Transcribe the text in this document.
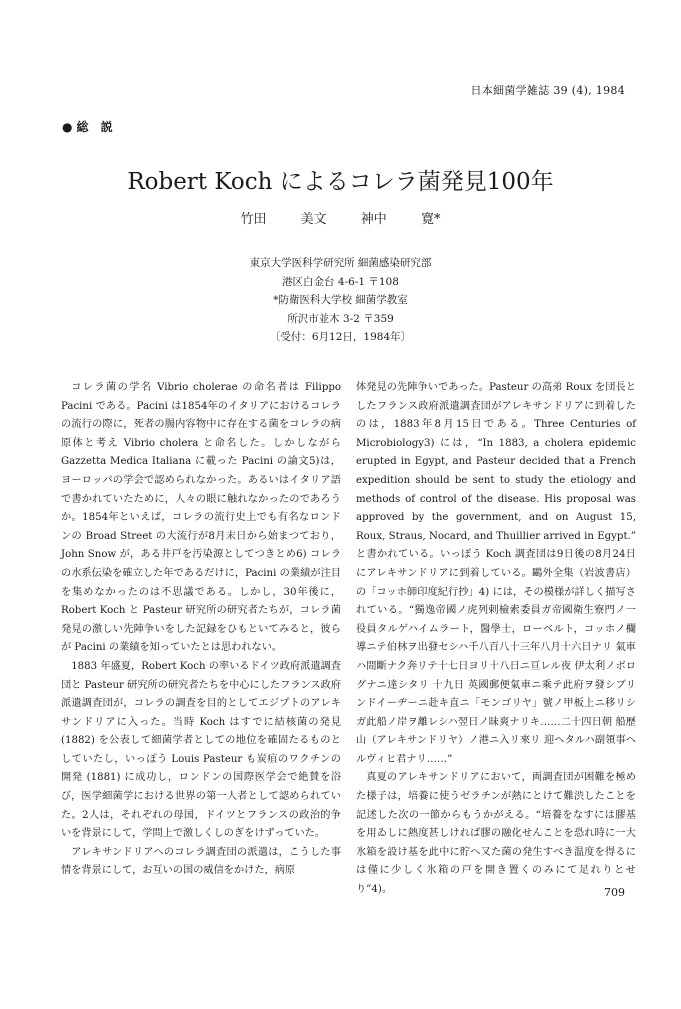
日本細菌学雑誌 39 (4), 1984
●総 説
Robert Koch によるコレラ菌発見100年
竹田 美文 神中 寛*
東京大学医科学研究所 細菌感染研究部
港区白金台 4-6-1 〒108
*防衛医科大学校 細菌学教室
所沢市並木 3-2 〒359
〔受付：6月12日，1984年〕

コレラ菌の学名 Vibrio cholerae の命名者は Filippo Pacini である。Pacini は1854年のイタリアにおけるコレラの流行の際に，死者の腸内容物中に存在する菌をコレラの病原体と考え Vibrio cholera と命名した。しかしながら Gazzetta Medica Italiana に載った Pacini の論文5)は，ヨーロッパの学会で認められなかった。あるいはイタリア語で書かれていたために，人々の眼に触れなかったのであろうか。1854年といえば，コレラの流行史上でも有名なロンドンの Broad Street の大流行が8月末日から始まつており，John Snow が，ある井戸を汚染源としてつきとめ6) コレラの水系伝染を確立した年であるだけに，Pacini の業績が注目を集めなかったのは不思議である。しかし，30年後に，Robert Koch と Pasteur 研究所の研究者たちが，コレラ菌発見の激しい先陣争いをした記録をひもといてみると，彼らが Pacini の業績を知っていたとは思われない。

1883 年盛夏，Robert Koch の率いるドイツ政府派遣調査団と Pasteur 研究所の研究者たちを中心にしたフランス政府派遣調査団が，コレラの調査を目的としてエジプトのアレキサンドリアに入った。当時 Koch はすでに結核菌の発見 (1882) を公表して細菌学者としての地位を確固たるものとしていたし，いっぽう Louis Pasteur も炭疽のワクチンの開発 (1881) に成功し，ロンドンの国際医学会で絶賛を浴び，医学細菌学における世界の第一人者として認められていた。2人は，それぞれの母国，ドイツとフランスの政治的争いを背景にして，学問上で激しくしのぎをけずっていた。

アレキサンドリアへのコレラ調査団の派遣は，こうした事情を背景にして，お互いの国の威信をかけた，病原

体発見の先陣争いであった。Pasteur の高弟 Roux を団長としたフランス政府派遣調査団がアレキサンドリアに到着したのは，1883年8月15日である。Three Centuries of Microbiology3) には，“In 1883, a cholera epidemic erupted in Egypt, and Pasteur decided that a French expedition should be sent to study the etiology and methods of control of the disease. His proposal was approved by the government, and on August 15, Roux, Straus, Nocard, and Thuillier arrived in Egypt.” と書かれている。いっぽう Koch 調査団は9日後の8月24日にアレキサンドリアに到着している。鷗外全集（岩波書店）の「コッホ師印度紀行抄」4) には，その模様が詳しく描写されている。“獨逸帝國ノ虎列剌檢索委員ガ帝國衛生寮門ノ一役員タルゲハイムラート，醫學士，ローベルト，コッホノ欄導ニテ伯林ヲ出發セシハ千八百八十三年八月十六日ナリ 氣車ハ間斷ナク奔リテ十七日ヨリ十八日ニ亘レル夜 伊太利ノボログナニ達シタリ 十九日 英國郵便氣車ニ乘テ此府ヲ發シブリンドイーヂーニ赴キ直ニ「モンゴリヤ」號ノ甲板上ニ移リシガ此船ノ岸ヲ離レシハ翌日ノ昧爽ナリキ……二十四日朝 船歷山（アレキサンドリヤ）ノ港ニ入リ來リ 迎ヘタルハ副領事ヘルヴィヒ君ナリ……”

真夏のアレキサンドリアにおいて，両調査団が困難を極めた様子は，培養に使うゼラチンが熱にとけて難渋したことを記述した次の一節からもうかがえる。“培養をなすには膠基を用ゐしに熱度甚しければ膠の融化せんことを恐れ時に一大氷箱を設け基を此中に貯へ又た菌の発生すべき温度を得るには僅に少しく氷箱の戸を開き置くのみにて足れりとせり”4)。	709
